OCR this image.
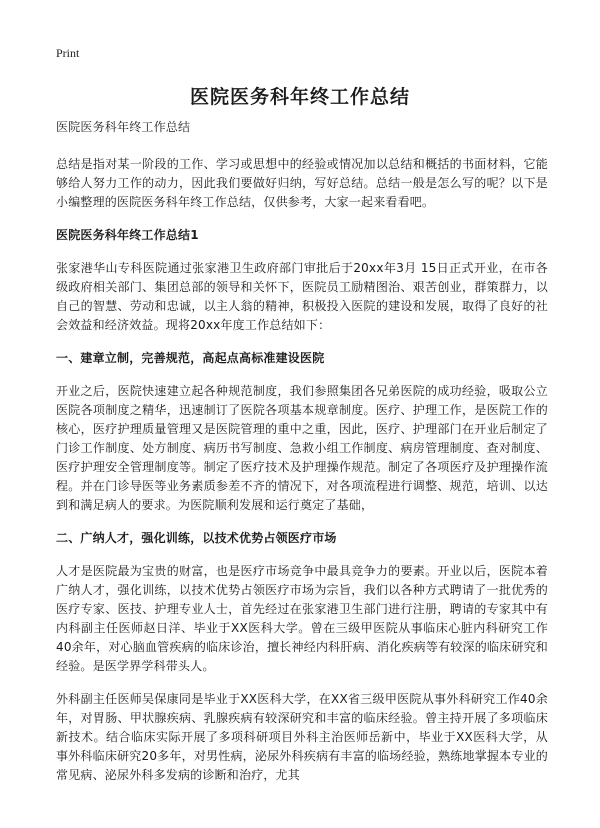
Print
医院医务科年终工作总结

医院医务科年终工作总结

总结是指对某一阶段的工作、学习或思想中的经验或情况加以总结和概括的书面材料，它能够给人努力工作的动力，因此我们要做好归纳，写好总结。总结一般是怎么写的呢？以下是小编整理的医院医务科年终工作总结，仅供参考，大家一起来看看吧。

医院医务科年终工作总结1

张家港华山专科医院通过张家港卫生政府部门审批后于20xx年3月 15日正式开业，在市各级政府相关部门、集团总部的领导和关怀下，医院员工励精图治、艰苦创业，群策群力，以自己的智慧、劳动和忠诚，以主人翁的精神，积极投入医院的建设和发展，取得了良好的社会效益和经济效益。现将20xx年度工作总结如下：

一、建章立制，完善规范，高起点高标准建设医院

开业之后，医院快速建立起各种规范制度，我们参照集团各兄弟医院的成功经验，吸取公立医院各项制度之精华，迅速制订了医院各项基本规章制度。医疗、护理工作，是医院工作的核心，医疗护理质量管理又是医院管理的重中之重，因此，医疗、护理部门在开业后制定了门诊工作制度、处方制度、病历书写制度、急救小组工作制度、病房管理制度、查对制度、医疗护理安全管理制度等。制定了医疗技术及护理操作规范。制定了各项医疗及护理操作流程。并在门诊导医等业务素质参差不齐的情况下，对各项流程进行调整、规范，培训、以达到和满足病人的要求。为医院顺利发展和运行奠定了基础，

二、广纳人才，强化训练，以技术优势占领医疗市场

人才是医院最为宝贵的财富，也是医疗市场竞争中最具竞争力的要素。开业以后，医院本着广纳人才，强化训练，以技术优势占领医疗市场为宗旨，我们以各种方式聘请了一批优秀的医疗专家、医技、护理专业人士，首先经过在张家港卫生部门进行注册，聘请的专家其中有内科副主任医师赵日洋、毕业于XX医科大学。曾在三级甲医院从事临床心脏内科研究工作40余年，对心脑血管疾病的临床诊治，擅长神经内科肝病、消化疾病等有较深的临床研究和经验。是医学界学科带头人。

外科副主任医师吴保康同是毕业于XX医科大学，在XX省三级甲医院从事外科研究工作40余年，对胃肠、甲状腺疾病、乳腺疾病有较深研究和丰富的临床经验。曾主持开展了多项临床新技术。结合临床实际开展了多项科研项目外科主治医师岳新中，毕业于XX医科大学，从事外科临床研究20多年，对男性病，泌尿外科疾病有丰富的临场经验，熟练地掌握本专业的常见病、泌尿外科多发病的诊断和治疗，尤其
